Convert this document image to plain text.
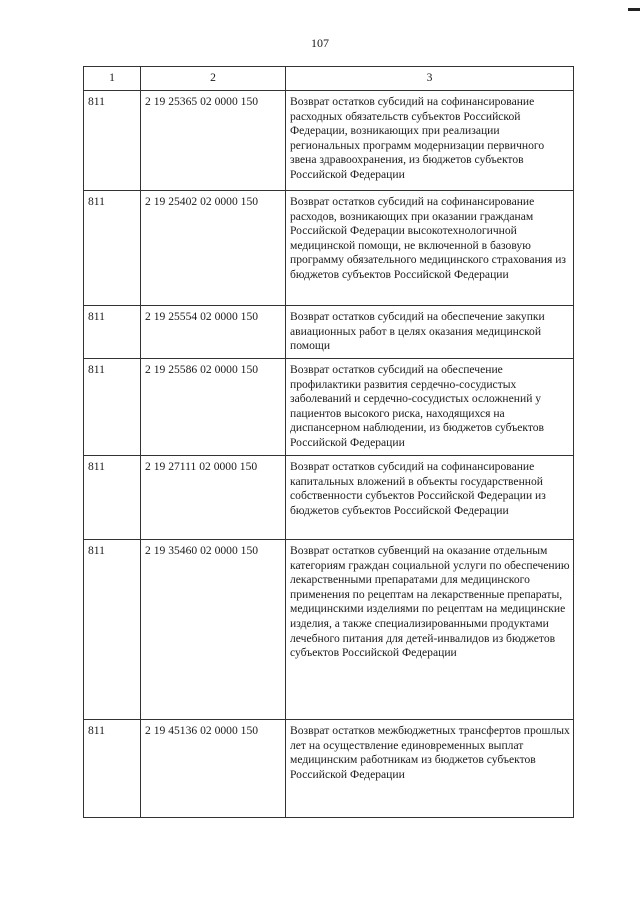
107
1	2	3
811	2 19 25365 02 0000 150	Возврат остатков субсидий на софинансирование расходных обязательств субъектов Российской Федерации, возникающих при реализации региональных программ модернизации первичного звена здравоохранения, из бюджетов субъектов Российской Федерации
811	2 19 25402 02 0000 150	Возврат остатков субсидий на софинансирование расходов, возникающих при оказании гражданам Российской Федерации высокотехнологичной медицинской помощи, не включенной в базовую программу обязательного медицинского страхования из бюджетов субъектов Российской Федерации
811	2 19 25554 02 0000 150	Возврат остатков субсидий на обеспечение закупки авиационных работ в целях оказания медицинской помощи
811	2 19 25586 02 0000 150	Возврат остатков субсидий на обеспечение профилактики развития сердечно-сосудистых заболеваний и сердечно-сосудистых осложнений у пациентов высокого риска, находящихся на диспансерном наблюдении, из бюджетов субъектов Российской Федерации
811	2 19 27111 02 0000 150	Возврат остатков субсидий на софинансирование капитальных вложений в объекты государственной собственности субъектов Российской Федерации из бюджетов субъектов Российской Федерации
811	2 19 35460 02 0000 150	Возврат остатков субвенций на оказание отдельным категориям граждан социальной услуги по обеспечению лекарственными препаратами для медицинского применения по рецептам на лекарственные препараты, медицинскими изделиями по рецептам на медицинские изделия, а также специализированными продуктами лечебного питания для детей-инвалидов из бюджетов субъектов Российской Федерации
811	2 19 45136 02 0000 150	Возврат остатков межбюджетных трансфертов прошлых лет на осуществление единовременных выплат медицинским работникам из бюджетов субъектов Российской Федерации
